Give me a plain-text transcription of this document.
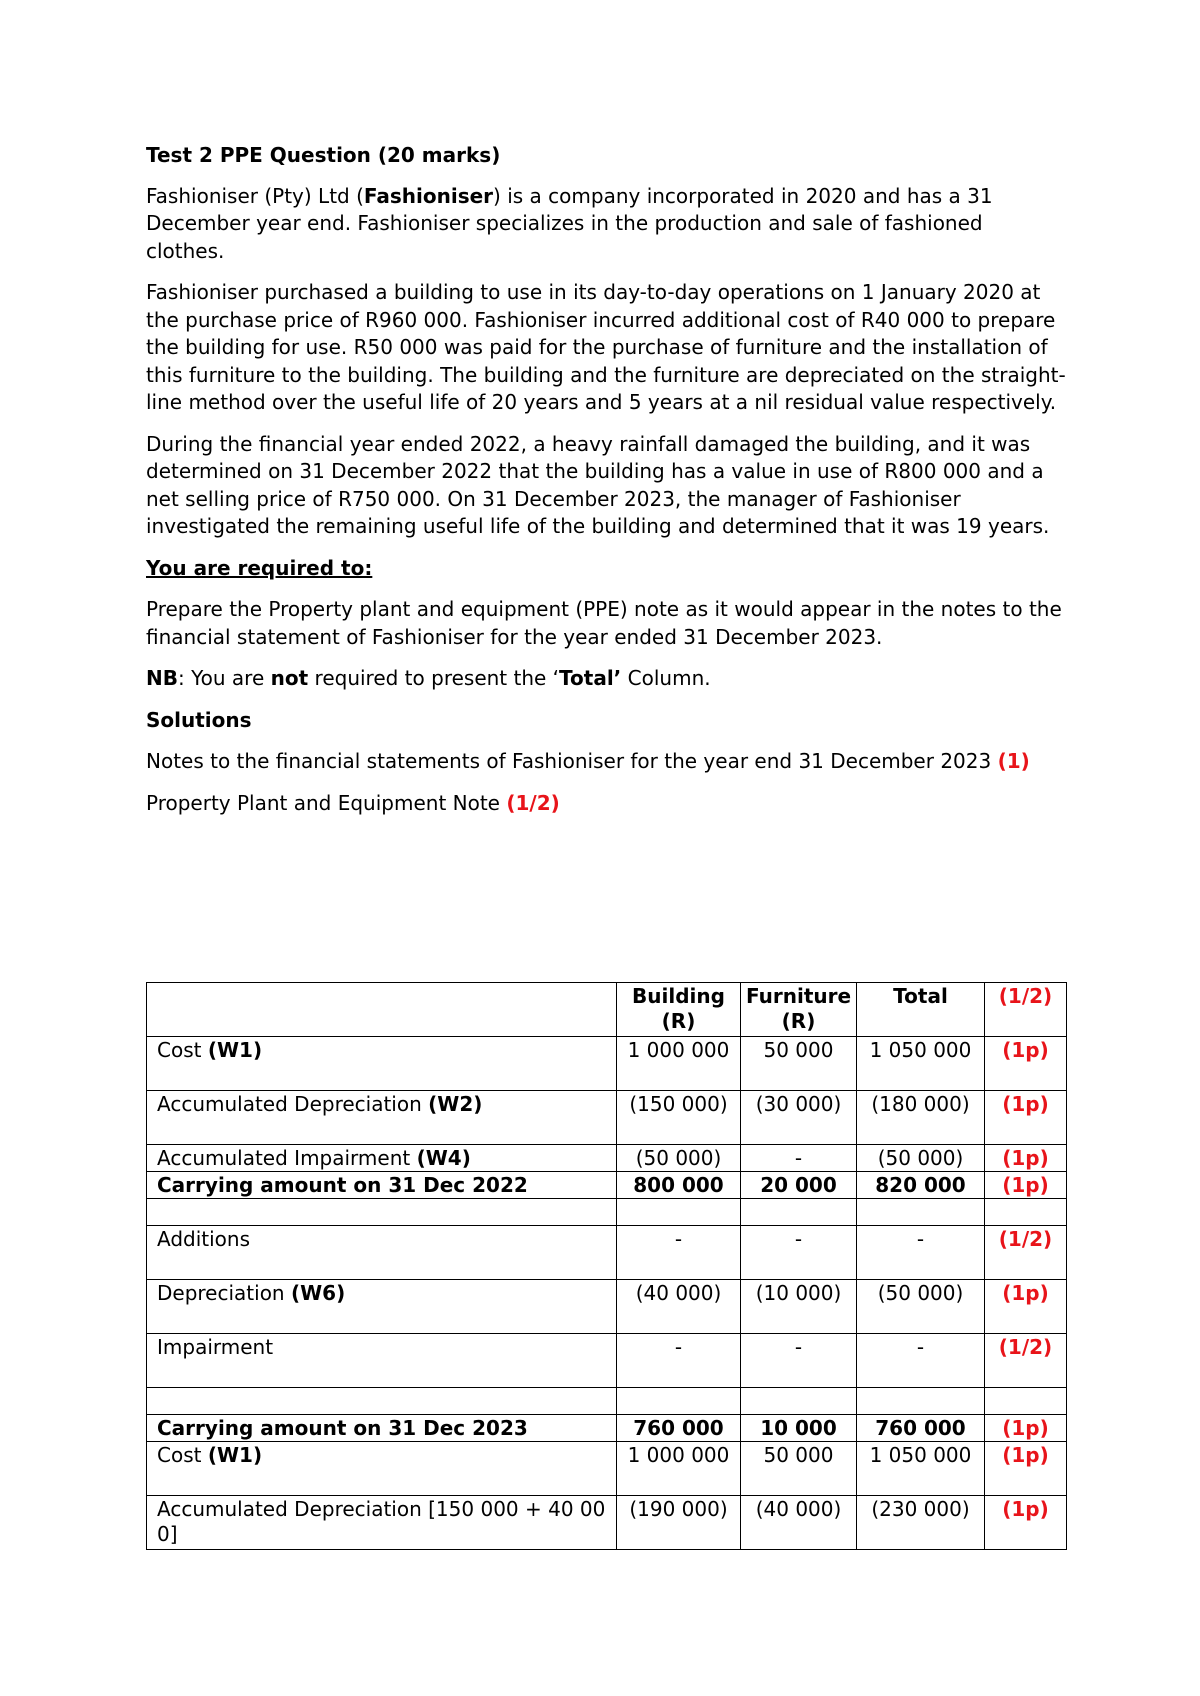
Test 2 PPE Question (20 marks)

Fashioniser (Pty) Ltd (Fashioniser) is a company incorporated in 2020 and has a 31 December year end. Fashioniser specializes in the production and sale of fashioned clothes.

Fashioniser purchased a building to use in its day-to-day operations on 1 January 2020 at the purchase price of R960 000. Fashioniser incurred additional cost of R40 000 to prepare the building for use. R50 000 was paid for the purchase of furniture and the installation of this furniture to the building. The building and the furniture are depreciated on the straight-line method over the useful life of 20 years and 5 years at a nil residual value respectively.

During the financial year ended 2022, a heavy rainfall damaged the building, and it was determined on 31 December 2022 that the building has a value in use of R800 000 and a net selling price of R750 000. On 31 December 2023, the manager of Fashioniser investigated the remaining useful life of the building and determined that it was 19 years.

You are required to:

Prepare the Property plant and equipment (PPE) note as it would appear in the notes to the financial statement of Fashioniser for the year ended 31 December 2023.

NB: You are not required to present the ‘Total’ Column.

Solutions

Notes to the financial statements of Fashioniser for the year end 31 December 2023 (1)

Property Plant and Equipment Note (1/2)

	Building (R)	Furniture (R)	Total	(1/2)
Cost (W1)	1 000 000	50 000	1 050 000	(1p)
Accumulated Depreciation (W2)	(150 000)	(30 000)	(180 000)	(1p)
Accumulated Impairment (W4)	(50 000)	-	(50 000)	(1p)
Carrying amount on 31 Dec 2022	800 000	20 000	820 000	(1p)

Additions	-	-	-	(1/2)
Depreciation (W6)	(40 000)	(10 000)	(50 000)	(1p)
Impairment	-	-	-	(1/2)

Carrying amount on 31 Dec 2023	760 000	10 000	760 000	(1p)
Cost (W1)	1 000 000	50 000	1 050 000	(1p)
Accumulated Depreciation [150 000 + 40 000]	(190 000)	(40 000)	(230 000)	(1p)
